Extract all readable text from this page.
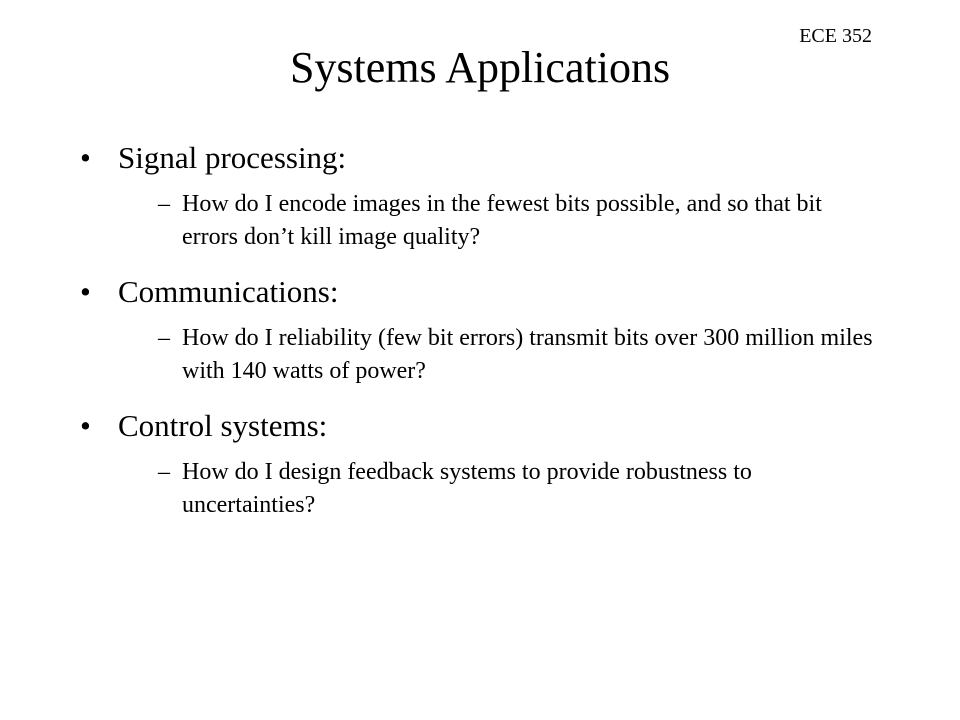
ECE 352
Systems Applications
• Signal processing:
– How do I encode images in the fewest bits possible, and so that bit errors don’t kill image quality?
• Communications:
– How do I reliability (few bit errors) transmit bits over 300 million miles with 140 watts of power?
• Control systems:
– How do I design feedback systems to provide robustness to uncertainties?
